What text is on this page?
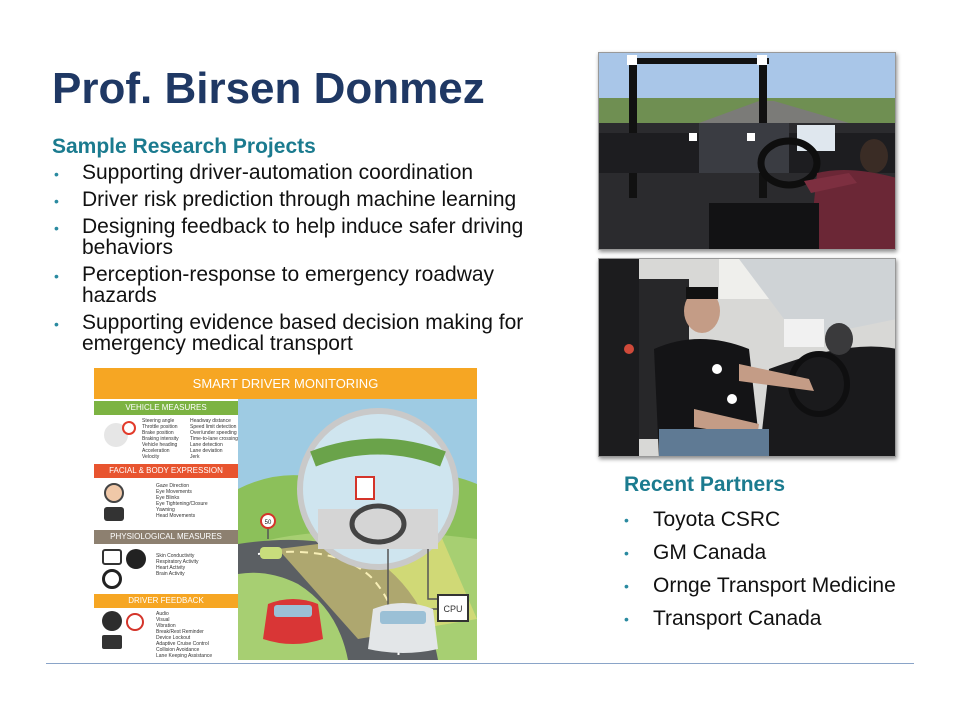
Prof. Birsen Donmez
Sample Research Projects
• Supporting driver-automation coordination
• Driver risk prediction through machine learning
• Designing feedback to help induce safer driving behaviors
• Perception-response to emergency roadway hazards
• Supporting evidence based decision making for emergency medical transport
SMART DRIVER MONITORING
VEHICLE MEASURES
Steering angle
Throttle position
Brake position
Braking intensity
Vehicle heading
Acceleration
Velocity
Headway distance
Speed limit detection
Over/under speeding
Time-to-lane crossing
Lane detection
Lane deviation
Jerk
FACIAL & BODY EXPRESSION
Gaze Direction
Eye Movements
Eye Blinks
Eye Tightening/Closure
Yawning
Head Movements
PHYSIOLOGICAL MEASURES
Skin Conductivity
Respiratory Activity
Heart Activity
Brain Activity
DRIVER FEEDBACK
Audio
Visual
Vibration
Break/Rest Reminder
Device Lockout
Adaptive Cruise Control
Collision Avoidance
Lane Keeping Assistance
CPU
50
Recent Partners
• Toyota CSRC
• GM Canada
• Ornge Transport Medicine
• Transport Canada
